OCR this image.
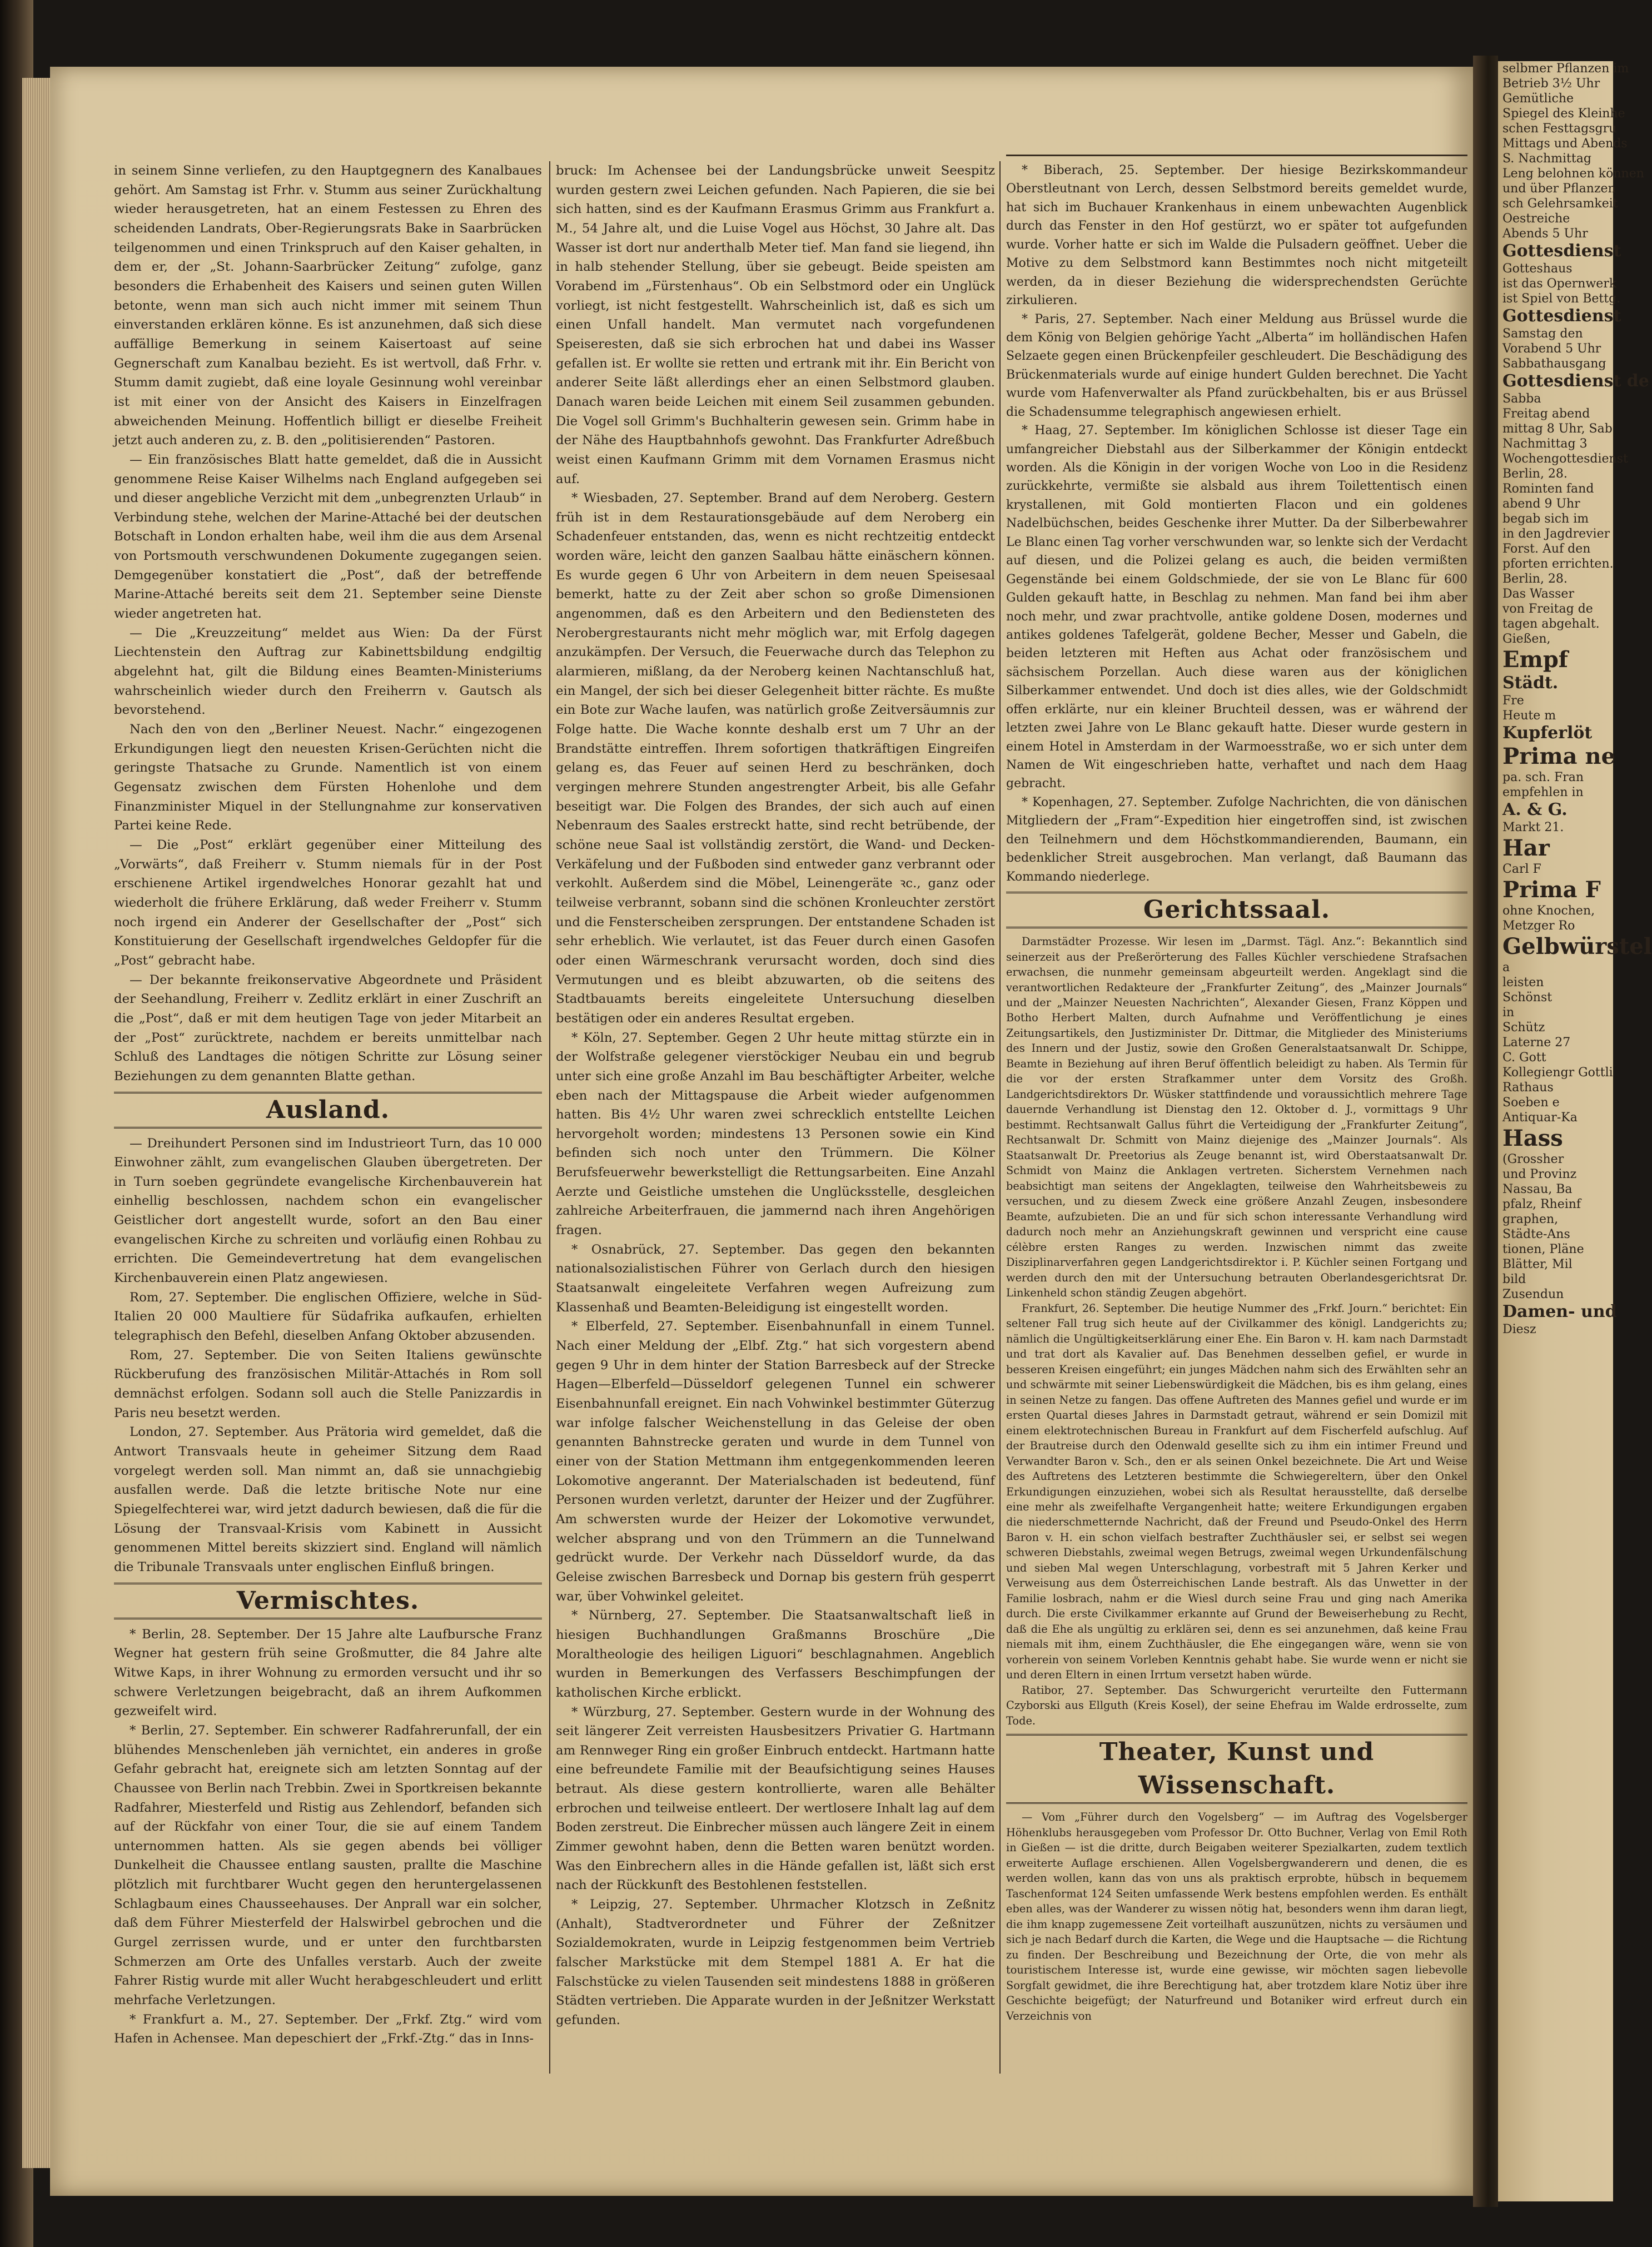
selbmer Pflanzen im
Betrieb 3½ Uhr
Gemütliche
Spiegel des Kleinhe
schen Festtagsgru
Mittags und Abends
S. Nachmittag
Leng belohnen können
und über Pflanzen
sch Gelehrsamkeit
Oestreiche
Abends 5 Uhr
Gottesdienst
Gotteshaus
ist das Opernwerk
ist Spiel von Bettg.
Gottesdienst
Samstag den
Vorabend 5 Uhr
Sabbathausgang
Gottesdienst de
Sabba
Freitag abend
mittag 8 Uhr, Sab
Nachmittag 3
Wochengottesdienst
Berlin, 28.
Rominten fand
abend 9 Uhr
begab sich im
in den Jagdrevier
Forst. Auf den
pforten errichten.
Berlin, 28.
Das Wasser
von Freitag de
tagen abgehalt.
Gießen,
Empf
Städt.
Fre
Heute m
Kupferlöt
Prima ne
pa. sch. Fran
empfehlen in
A. & G.
Markt 21.
Har
Carl F
Prima F
ohne Knochen,
Metzger Ro
Gelbwürstel
a
leisten
Schönst
in
Schütz
Laterne 27
C. Gott
Kollegiengr Gottli
Rathaus
Soeben e
Antiquar-Ka
Hass
(Grossher
und Provinz
Nassau, Ba
pfalz, Rheinf
graphen,
Städte-Ans
tionen, Pläne
Blätter, Mil
bild
Zusendun
Damen- und
Diesz

in seinem Sinne verliefen, zu den Hauptgegnern des Kanalbaues gehört. Am Samstag ist Frhr. v. Stumm aus seiner Zurückhaltung wieder herausgetreten, hat an einem Festessen zu Ehren des scheidenden Landrats, Ober-Regierungsrats Bake in Saarbrücken teilgenommen und einen Trinkspruch auf den Kaiser gehalten, in dem er, der „St. Johann-Saarbrücker Zeitung“ zufolge, ganz besonders die Erhabenheit des Kaisers und seinen guten Willen betonte, wenn man sich auch nicht immer mit seinem Thun einverstanden erklären könne. Es ist anzunehmen, daß sich diese auffällige Bemerkung in seinem Kaisertoast auf seine Gegnerschaft zum Kanalbau bezieht. Es ist wertvoll, daß Frhr. v. Stumm damit zugiebt, daß eine loyale Gesinnung wohl vereinbar ist mit einer von der Ansicht des Kaisers in Einzelfragen abweichenden Meinung. Hoffentlich billigt er dieselbe Freiheit jetzt auch anderen zu, z. B. den „politisierenden“ Pastoren.

— Ein französisches Blatt hatte gemeldet, daß die in Aussicht genommene Reise Kaiser Wilhelms nach England aufgegeben sei und dieser angebliche Verzicht mit dem „unbegrenzten Urlaub“ in Verbindung stehe, welchen der Marine-Attaché bei der deutschen Botschaft in London erhalten habe, weil ihm die aus dem Arsenal von Portsmouth verschwundenen Dokumente zugegangen seien. Demgegenüber konstatiert die „Post“, daß der betreffende Marine-Attaché bereits seit dem 21. September seine Dienste wieder angetreten hat.

— Die „Kreuzzeitung“ meldet aus Wien: Da der Fürst Liechtenstein den Auftrag zur Kabinettsbildung endgiltig abgelehnt hat, gilt die Bildung eines Beamten-Ministeriums wahrscheinlich wieder durch den Freiherrn v. Gautsch als bevorstehend.

Nach den von den „Berliner Neuest. Nachr.“ eingezogenen Erkundigungen liegt den neuesten Krisen-Gerüchten nicht die geringste Thatsache zu Grunde. Namentlich ist von einem Gegensatz zwischen dem Fürsten Hohenlohe und dem Finanzminister Miquel in der Stellungnahme zur konservativen Partei keine Rede.

— Die „Post“ erklärt gegenüber einer Mitteilung des „Vorwärts“, daß Freiherr v. Stumm niemals für in der Post erschienene Artikel irgendwelches Honorar gezahlt hat und wiederholt die frühere Erklärung, daß weder Freiherr v. Stumm noch irgend ein Anderer der Gesellschafter der „Post“ sich Konstituierung der Gesellschaft irgendwelches Geldopfer für die „Post“ gebracht habe.

— Der bekannte freikonservative Abgeordnete und Präsident der Seehandlung, Freiherr v. Zedlitz erklärt in einer Zuschrift an die „Post“, daß er mit dem heutigen Tage von jeder Mitarbeit an der „Post“ zurücktrete, nachdem er bereits unmittelbar nach Schluß des Landtages die nötigen Schritte zur Lösung seiner Beziehungen zu dem genannten Blatte gethan.

Ausland.

— Dreihundert Personen sind im Industrieort Turn, das 10 000 Einwohner zählt, zum evangelischen Glauben übergetreten. Der in Turn soeben gegründete evangelische Kirchenbauverein hat einhellig beschlossen, nachdem schon ein evangelischer Geistlicher dort angestellt wurde, sofort an den Bau einer evangelischen Kirche zu schreiten und vorläufig einen Rohbau zu errichten. Die Gemeindevertretung hat dem evangelischen Kirchenbauverein einen Platz angewiesen.

Rom, 27. September. Die englischen Offiziere, welche in Süd-Italien 20 000 Maultiere für Südafrika aufkaufen, erhielten telegraphisch den Befehl, dieselben Anfang Oktober abzusenden.

Rom, 27. September. Die von Seiten Italiens gewünschte Rückberufung des französischen Militär-Attachés in Rom soll demnächst erfolgen. Sodann soll auch die Stelle Panizzardis in Paris neu besetzt werden.

London, 27. September. Aus Prätoria wird gemeldet, daß die Antwort Transvaals heute in geheimer Sitzung dem Raad vorgelegt werden soll. Man nimmt an, daß sie unnachgiebig ausfallen werde. Daß die letzte britische Note nur eine Spiegelfechterei war, wird jetzt dadurch bewiesen, daß die für die Lösung der Transvaal-Krisis vom Kabinett in Aussicht genommenen Mittel bereits skizziert sind. England will nämlich die Tribunale Transvaals unter englischen Einfluß bringen.

Vermischtes.

* Berlin, 28. September. Der 15 Jahre alte Laufbursche Franz Wegner hat gestern früh seine Großmutter, die 84 Jahre alte Witwe Kaps, in ihrer Wohnung zu ermorden versucht und ihr so schwere Verletzungen beigebracht, daß an ihrem Aufkommen gezweifelt wird.

* Berlin, 27. September. Ein schwerer Radfahrerunfall, der ein blühendes Menschenleben jäh vernichtet, ein anderes in große Gefahr gebracht hat, ereignete sich am letzten Sonntag auf der Chaussee von Berlin nach Trebbin. Zwei in Sportkreisen bekannte Radfahrer, Miesterfeld und Ristig aus Zehlendorf, befanden sich auf der Rückfahr von einer Tour, die sie auf einem Tandem unternommen hatten. Als sie gegen abends bei völliger Dunkelheit die Chaussee entlang sausten, prallte die Maschine plötzlich mit furchtbarer Wucht gegen den heruntergelassenen Schlagbaum eines Chausseehauses. Der Anprall war ein solcher, daß dem Führer Miesterfeld der Halswirbel gebrochen und die Gurgel zerrissen wurde, und er unter den furchtbarsten Schmerzen am Orte des Unfalles verstarb. Auch der zweite Fahrer Ristig wurde mit aller Wucht herabgeschleudert und erlitt mehrfache Verletzungen.

* Frankfurt a. M., 27. September. Der „Frkf. Ztg.“ wird vom Hafen in Achensee. Man depeschiert der „Frkf.-Ztg.“ das in Inns-

bruck: Im Achensee bei der Landungsbrücke unweit Seespitz wurden gestern zwei Leichen gefunden. Nach Papieren, die sie bei sich hatten, sind es der Kaufmann Erasmus Grimm aus Frankfurt a. M., 54 Jahre alt, und die Luise Vogel aus Höchst, 30 Jahre alt. Das Wasser ist dort nur anderthalb Meter tief. Man fand sie liegend, ihn in halb stehender Stellung, über sie gebeugt. Beide speisten am Vorabend im „Fürstenhaus“. Ob ein Selbstmord oder ein Unglück vorliegt, ist nicht festgestellt. Wahrscheinlich ist, daß es sich um einen Unfall handelt. Man vermutet nach vorgefundenen Speiseresten, daß sie sich erbrochen hat und dabei ins Wasser gefallen ist. Er wollte sie retten und ertrank mit ihr. Ein Bericht von anderer Seite läßt allerdings eher an einen Selbstmord glauben. Danach waren beide Leichen mit einem Seil zusammen gebunden. Die Vogel soll Grimm's Buchhalterin gewesen sein. Grimm habe in der Nähe des Hauptbahnhofs gewohnt. Das Frankfurter Adreßbuch weist einen Kaufmann Grimm mit dem Vornamen Erasmus nicht auf.

* Wiesbaden, 27. September. Brand auf dem Neroberg. Gestern früh ist in dem Restaurationsgebäude auf dem Neroberg ein Schadenfeuer entstanden, das, wenn es nicht rechtzeitig entdeckt worden wäre, leicht den ganzen Saalbau hätte einäschern können. Es wurde gegen 6 Uhr von Arbeitern in dem neuen Speisesaal bemerkt, hatte zu der Zeit aber schon so große Dimensionen angenommen, daß es den Arbeitern und den Bediensteten des Nerobergrestaurants nicht mehr möglich war, mit Erfolg dagegen anzukämpfen. Der Versuch, die Feuerwache durch das Telephon zu alarmieren, mißlang, da der Neroberg keinen Nachtanschluß hat, ein Mangel, der sich bei dieser Gelegenheit bitter rächte. Es mußte ein Bote zur Wache laufen, was natürlich große Zeitversäumnis zur Folge hatte. Die Wache konnte deshalb erst um 7 Uhr an der Brandstätte eintreffen. Ihrem sofortigen thatkräftigen Eingreifen gelang es, das Feuer auf seinen Herd zu beschränken, doch vergingen mehrere Stunden angestrengter Arbeit, bis alle Gefahr beseitigt war. Die Folgen des Brandes, der sich auch auf einen Nebenraum des Saales erstreckt hatte, sind recht betrübende, der schöne neue Saal ist vollständig zerstört, die Wand- und Decken-Verkäfelung und der Fußboden sind entweder ganz verbrannt oder verkohlt. Außerdem sind die Möbel, Leinengeräte ꝛc., ganz oder teilweise verbrannt, sobann sind die schönen Kronleuchter zerstört und die Fensterscheiben zersprungen. Der entstandene Schaden ist sehr erheblich. Wie verlautet, ist das Feuer durch einen Gasofen oder einen Wärmeschrank verursacht worden, doch sind dies Vermutungen und es bleibt abzuwarten, ob die seitens des Stadtbauamts bereits eingeleitete Untersuchung dieselben bestätigen oder ein anderes Resultat ergeben.

* Köln, 27. September. Gegen 2 Uhr heute mittag stürzte ein in der Wolfstraße gelegener vierstöckiger Neubau ein und begrub unter sich eine große Anzahl im Bau beschäftigter Arbeiter, welche eben nach der Mittagspause die Arbeit wieder aufgenommen hatten. Bis 4½ Uhr waren zwei schrecklich entstellte Leichen hervorgeholt worden; mindestens 13 Personen sowie ein Kind befinden sich noch unter den Trümmern. Die Kölner Berufsfeuerwehr bewerkstelligt die Rettungsarbeiten. Eine Anzahl Aerzte und Geistliche umstehen die Unglücksstelle, desgleichen zahlreiche Arbeiterfrauen, die jammernd nach ihren Angehörigen fragen.

* Osnabrück, 27. September. Das gegen den bekannten nationalsozialistischen Führer von Gerlach durch den hiesigen Staatsanwalt eingeleitete Verfahren wegen Aufreizung zum Klassenhaß und Beamten-Beleidigung ist eingestellt worden.

* Elberfeld, 27. September. Eisenbahnunfall in einem Tunnel. Nach einer Meldung der „Elbf. Ztg.“ hat sich vorgestern abend gegen 9 Uhr in dem hinter der Station Barresbeck auf der Strecke Hagen—Elberfeld—Düsseldorf gelegenen Tunnel ein schwerer Eisenbahnunfall ereignet. Ein nach Vohwinkel bestimmter Güterzug war infolge falscher Weichenstellung in das Geleise der oben genannten Bahnstrecke geraten und wurde in dem Tunnel von einer von der Station Mettmann ihm entgegenkommenden leeren Lokomotive angerannt. Der Materialschaden ist bedeutend, fünf Personen wurden verletzt, darunter der Heizer und der Zugführer. Am schwersten wurde der Heizer der Lokomotive verwundet, welcher absprang und von den Trümmern an die Tunnelwand gedrückt wurde. Der Verkehr nach Düsseldorf wurde, da das Geleise zwischen Barresbeck und Dornap bis gestern früh gesperrt war, über Vohwinkel geleitet.

* Nürnberg, 27. September. Die Staatsanwaltschaft ließ in hiesigen Buchhandlungen Graßmanns Broschüre „Die Moraltheologie des heiligen Liguori“ beschlagnahmen. Angeblich wurden in Bemerkungen des Verfassers Beschimpfungen der katholischen Kirche erblickt.

* Würzburg, 27. September. Gestern wurde in der Wohnung des seit längerer Zeit verreisten Hausbesitzers Privatier G. Hartmann am Rennweger Ring ein großer Einbruch entdeckt. Hartmann hatte eine befreundete Familie mit der Beaufsichtigung seines Hauses betraut. Als diese gestern kontrollierte, waren alle Behälter erbrochen und teilweise entleert. Der wertlosere Inhalt lag auf dem Boden zerstreut. Die Einbrecher müssen auch längere Zeit in einem Zimmer gewohnt haben, denn die Betten waren benützt worden. Was den Einbrechern alles in die Hände gefallen ist, läßt sich erst nach der Rückkunft des Bestohlenen feststellen.

* Leipzig, 27. September. Uhrmacher Klotzsch in Zeßnitz (Anhalt), Stadtverordneter und Führer der Zeßnitzer Sozialdemokraten, wurde in Leipzig festgenommen beim Vertrieb falscher Markstücke mit dem Stempel 1881 A. Er hat die Falschstücke zu vielen Tausenden seit mindestens 1888 in größeren Städten vertrieben. Die Apparate wurden in der Jeßnitzer Werkstatt gefunden.

* Biberach, 25. September. Der hiesige Bezirkskommandeur Oberstleutnant von Lerch, dessen Selbstmord bereits gemeldet wurde, hat sich im Buchauer Krankenhaus in einem unbewachten Augenblick durch das Fenster in den Hof gestürzt, wo er später tot aufgefunden wurde. Vorher hatte er sich im Walde die Pulsadern geöffnet. Ueber die Motive zu dem Selbstmord kann Bestimmtes noch nicht mitgeteilt werden, da in dieser Beziehung die widersprechendsten Gerüchte zirkulieren.

* Paris, 27. September. Nach einer Meldung aus Brüssel wurde die dem König von Belgien gehörige Yacht „Alberta“ im holländischen Hafen Selzaete gegen einen Brückenpfeiler geschleudert. Die Beschädigung des Brückenmaterials wurde auf einige hundert Gulden berechnet. Die Yacht wurde vom Hafenverwalter als Pfand zurückbehalten, bis er aus Brüssel die Schadensumme telegraphisch angewiesen erhielt.

* Haag, 27. September. Im königlichen Schlosse ist dieser Tage ein umfangreicher Diebstahl aus der Silberkammer der Königin entdeckt worden. Als die Königin in der vorigen Woche von Loo in die Residenz zurückkehrte, vermißte sie alsbald aus ihrem Toilettentisch einen krystallenen, mit Gold montierten Flacon und ein goldenes Nadelbüchschen, beides Geschenke ihrer Mutter. Da der Silberbewahrer Le Blanc einen Tag vorher verschwunden war, so lenkte sich der Verdacht auf diesen, und die Polizei gelang es auch, die beiden vermißten Gegenstände bei einem Goldschmiede, der sie von Le Blanc für 600 Gulden gekauft hatte, in Beschlag zu nehmen. Man fand bei ihm aber noch mehr, und zwar prachtvolle, antike goldene Dosen, modernes und antikes goldenes Tafelgerät, goldene Becher, Messer und Gabeln, die beiden letzteren mit Heften aus Achat oder französischem und sächsischem Porzellan. Auch diese waren aus der königlichen Silberkammer entwendet. Und doch ist dies alles, wie der Goldschmidt offen erklärte, nur ein kleiner Bruchteil dessen, was er während der letzten zwei Jahre von Le Blanc gekauft hatte. Dieser wurde gestern in einem Hotel in Amsterdam in der Warmoesstraße, wo er sich unter dem Namen de Wit eingeschrieben hatte, verhaftet und nach dem Haag gebracht.

* Kopenhagen, 27. September. Zufolge Nachrichten, die von dänischen Mitgliedern der „Fram“-Expedition hier eingetroffen sind, ist zwischen den Teilnehmern und dem Höchstkommandierenden, Baumann, ein bedenklicher Streit ausgebrochen. Man verlangt, daß Baumann das Kommando niederlege.

Gerichtssaal.

Darmstädter Prozesse. Wir lesen im „Darmst. Tägl. Anz.“: Bekanntlich sind seinerzeit aus der Preßerörterung des Falles Küchler verschiedene Strafsachen erwachsen, die nunmehr gemeinsam abgeurteilt werden. Angeklagt sind die verantwortlichen Redakteure der „Frankfurter Zeitung“, des „Mainzer Journals“ und der „Mainzer Neuesten Nachrichten“, Alexander Giesen, Franz Köppen und Botho Herbert Malten, durch Aufnahme und Veröffentlichung je eines Zeitungsartikels, den Justizminister Dr. Dittmar, die Mitglieder des Ministeriums des Innern und der Justiz, sowie den Großen Generalstaatsanwalt Dr. Schippe, Beamte in Beziehung auf ihren Beruf öffentlich beleidigt zu haben. Als Termin für die vor der ersten Strafkammer unter dem Vorsitz des Großh. Landgerichtsdirektors Dr. Wüsker stattfindende und voraussichtlich mehrere Tage dauernde Verhandlung ist Dienstag den 12. Oktober d. J., vormittags 9 Uhr bestimmt. Rechtsanwalt Gallus führt die Verteidigung der „Frankfurter Zeitung“, Rechtsanwalt Dr. Schmitt von Mainz diejenige des „Mainzer Journals“. Als Staatsanwalt Dr. Preetorius als Zeuge benannt ist, wird Oberstaatsanwalt Dr. Schmidt von Mainz die Anklagen vertreten. Sicherstem Vernehmen nach beabsichtigt man seitens der Angeklagten, teilweise den Wahrheitsbeweis zu versuchen, und zu diesem Zweck eine größere Anzahl Zeugen, insbesondere Beamte, aufzubieten. Die an und für sich schon interessante Verhandlung wird dadurch noch mehr an Anziehungskraft gewinnen und verspricht eine cause célèbre ersten Ranges zu werden. Inzwischen nimmt das zweite Disziplinarverfahren gegen Landgerichtsdirektor i. P. Küchler seinen Fortgang und werden durch den mit der Untersuchung betrauten Oberlandesgerichtsrat Dr. Linkenheld schon ständig Zeugen abgehört.

Frankfurt, 26. September. Die heutige Nummer des „Frkf. Journ.“ berichtet: Ein seltener Fall trug sich heute auf der Civilkammer des königl. Landgerichts zu; nämlich die Ungültigkeitserklärung einer Ehe. Ein Baron v. H. kam nach Darmstadt und trat dort als Kavalier auf. Das Benehmen desselben gefiel, er wurde in besseren Kreisen eingeführt; ein junges Mädchen nahm sich des Erwählten sehr an und schwärmte mit seiner Liebenswürdigkeit die Mädchen, bis es ihm gelang, eines in seinen Netze zu fangen. Das offene Auftreten des Mannes gefiel und wurde er im ersten Quartal dieses Jahres in Darmstadt getraut, während er sein Domizil mit einem elektrotechnischen Bureau in Frankfurt auf dem Fischerfeld aufschlug. Auf der Brautreise durch den Odenwald gesellte sich zu ihm ein intimer Freund und Verwandter Baron v. Sch., den er als seinen Onkel bezeichnete. Die Art und Weise des Auftretens des Letzteren bestimmte die Schwiegereltern, über den Onkel Erkundigungen einzuziehen, wobei sich als Resultat herausstellte, daß derselbe eine mehr als zweifelhafte Vergangenheit hatte; weitere Erkundigungen ergaben die niederschmetternde Nachricht, daß der Freund und Pseudo-Onkel des Herrn Baron v. H. ein schon vielfach bestrafter Zuchthäusler sei, er selbst sei wegen schweren Diebstahls, zweimal wegen Betrugs, zweimal wegen Urkundenfälschung und sieben Mal wegen Unterschlagung, vorbestraft mit 5 Jahren Kerker und Verweisung aus dem Österreichischen Lande bestraft. Als das Unwetter in der Familie losbrach, nahm er die Wiesl durch seine Frau und ging nach Amerika durch. Die erste Civilkammer erkannte auf Grund der Beweiserhebung zu Recht, daß die Ehe als ungültig zu erklären sei, denn es sei anzunehmen, daß keine Frau niemals mit ihm, einem Zuchthäusler, die Ehe eingegangen wäre, wenn sie von vorherein von seinem Vorleben Kenntnis gehabt habe. Sie wurde wenn er nicht sie und deren Eltern in einen Irrtum versetzt haben würde.

Ratibor, 27. September. Das Schwurgericht verurteilte den Futtermann Czyborski aus Ellguth (Kreis Kosel), der seine Ehefrau im Walde erdrosselte, zum Tode.

Theater, Kunst und Wissenschaft.

— Vom „Führer durch den Vogelsberg“ — im Auftrag des Vogelsberger Höhenklubs herausgegeben vom Professor Dr. Otto Buchner, Verlag von Emil Roth in Gießen — ist die dritte, durch Beigaben weiterer Spezialkarten, zudem textlich erweiterte Auflage erschienen. Allen Vogelsbergwanderern und denen, die es werden wollen, kann das von uns als praktisch erprobte, hübsch in bequemem Taschenformat 124 Seiten umfassende Werk bestens empfohlen werden. Es enthält eben alles, was der Wanderer zu wissen nötig hat, besonders wenn ihm daran liegt, die ihm knapp zugemessene Zeit vorteilhaft auszunützen, nichts zu versäumen und sich je nach Bedarf durch die Karten, die Wege und die Hauptsache — die Richtung zu finden. Der Beschreibung und Bezeichnung der Orte, die von mehr als touristischem Interesse ist, wurde eine gewisse, wir möchten sagen liebevolle Sorgfalt gewidmet, die ihre Berechtigung hat, aber trotzdem klare Notiz über ihre Geschichte beigefügt; der Naturfreund und Botaniker wird erfreut durch ein Verzeichnis von
